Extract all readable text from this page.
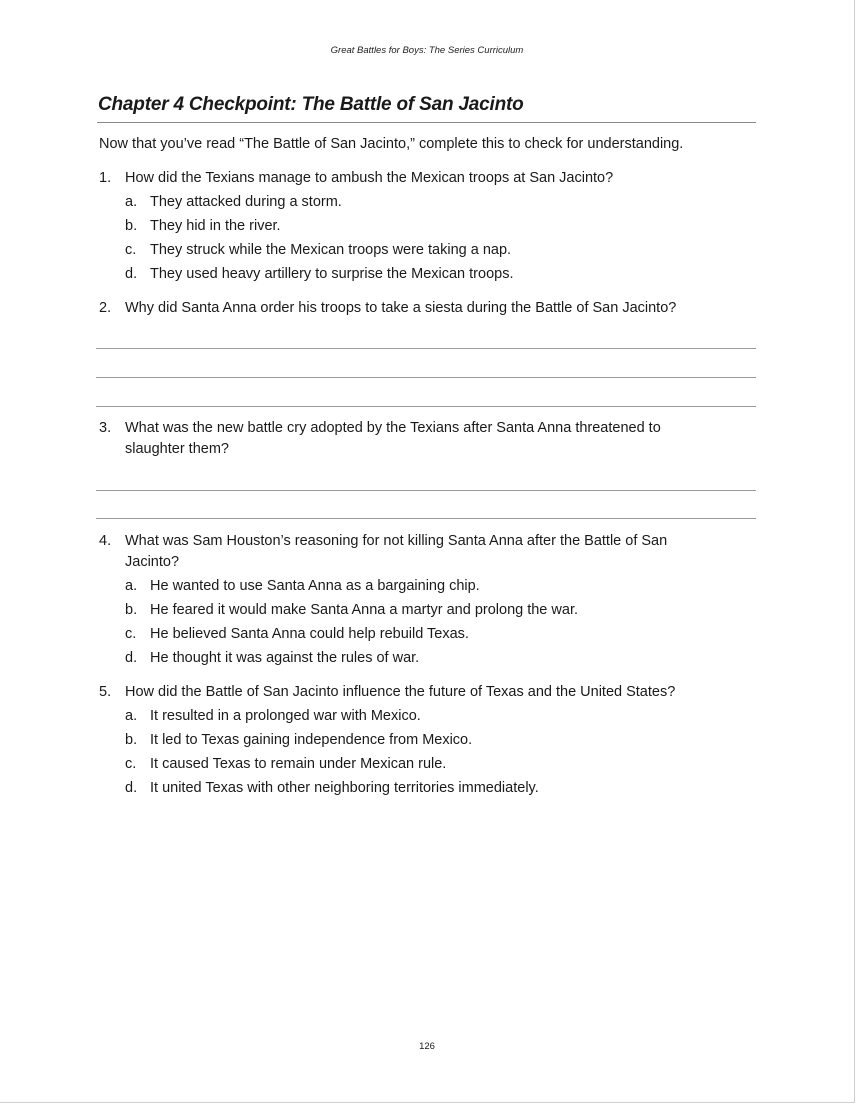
Great Battles for Boys: The Series Curriculum
Chapter 4 Checkpoint: The Battle of San Jacinto
Now that you’ve read “The Battle of San Jacinto,” complete this to check for understanding.
1. How did the Texians manage to ambush the Mexican troops at San Jacinto?
a. They attacked during a storm.
b. They hid in the river.
c. They struck while the Mexican troops were taking a nap.
d. They used heavy artillery to surprise the Mexican troops.
2. Why did Santa Anna order his troops to take a siesta during the Battle of San Jacinto?
3. What was the new battle cry adopted by the Texians after Santa Anna threatened to slaughter them?
4. What was Sam Houston’s reasoning for not killing Santa Anna after the Battle of San Jacinto?
a. He wanted to use Santa Anna as a bargaining chip.
b. He feared it would make Santa Anna a martyr and prolong the war.
c. He believed Santa Anna could help rebuild Texas.
d. He thought it was against the rules of war.
5. How did the Battle of San Jacinto influence the future of Texas and the United States?
a. It resulted in a prolonged war with Mexico.
b. It led to Texas gaining independence from Mexico.
c. It caused Texas to remain under Mexican rule.
d. It united Texas with other neighboring territories immediately.
126
